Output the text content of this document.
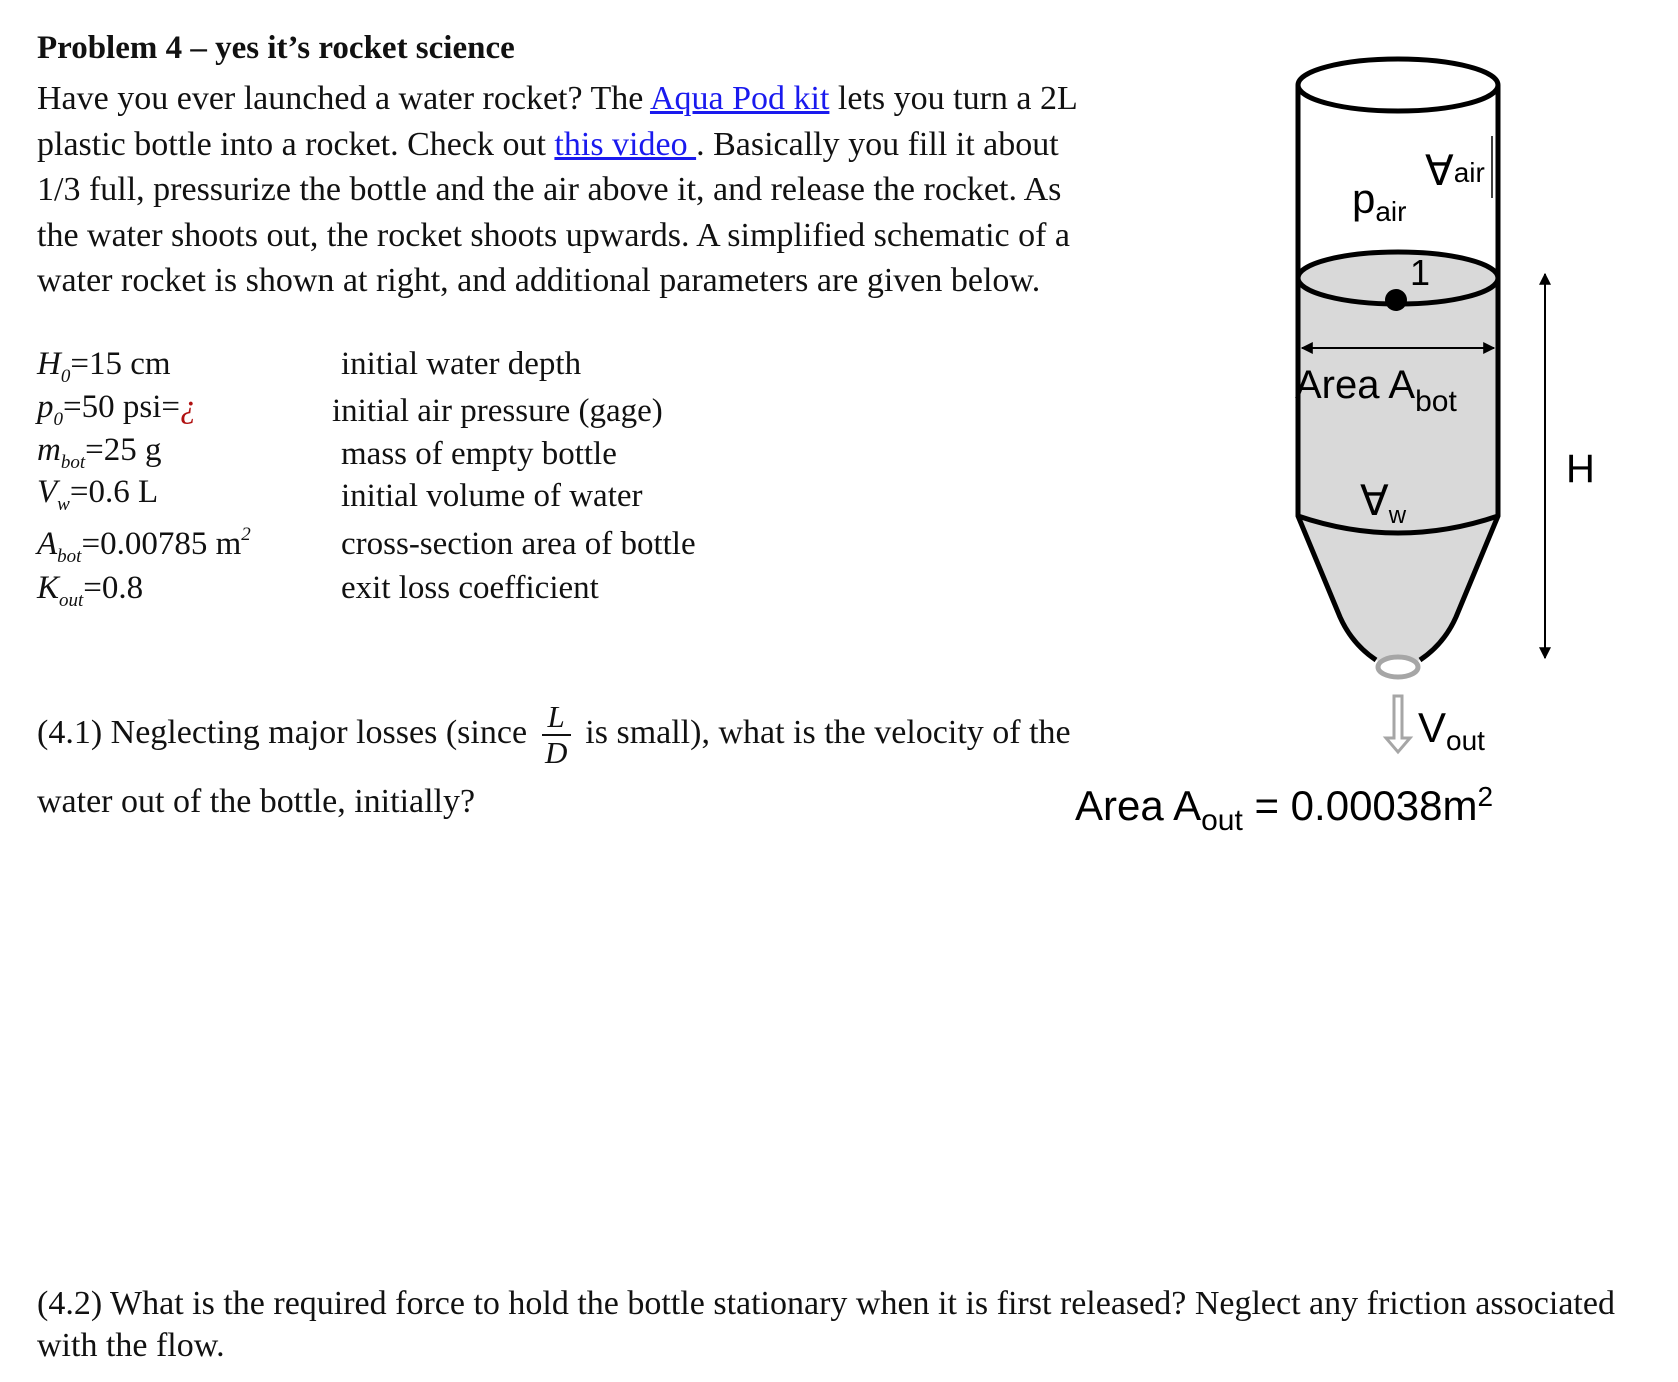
Problem 4 – yes it’s rocket science

Have you ever launched a water rocket? The Aqua Pod kit lets you turn a 2L plastic bottle into a rocket. Check out this video . Basically you fill it about 1/3 full, pressurize the bottle and the air above it, and release the rocket. As the water shoots out, the rocket shoots upwards. A simplified schematic of a water rocket is shown at right, and additional parameters are given below.

$H_0=15$ cm	initial water depth
$p_0=50$ psi=¿	initial air pressure (gage)
$m_{bot}=25$ g	mass of empty bottle
$V_w=0.6$ L	initial volume of water
$A_{bot}=0.00785$ $m^2$	cross-section area of bottle
$K_{out}=0.8$	exit loss coefficient
(4.1) Neglecting major losses (since $\frac{L}{D}$ is small), what is the velocity of the water out of the bottle, initially?
(4.2) What is the required force to hold the bottle stationary when it is first released? Neglect any friction associated with the flow.
1
Area $A_{bot}$
∀air
pair
∀w
H
Vout
Area $A_{out} = 0.00038m^2$
